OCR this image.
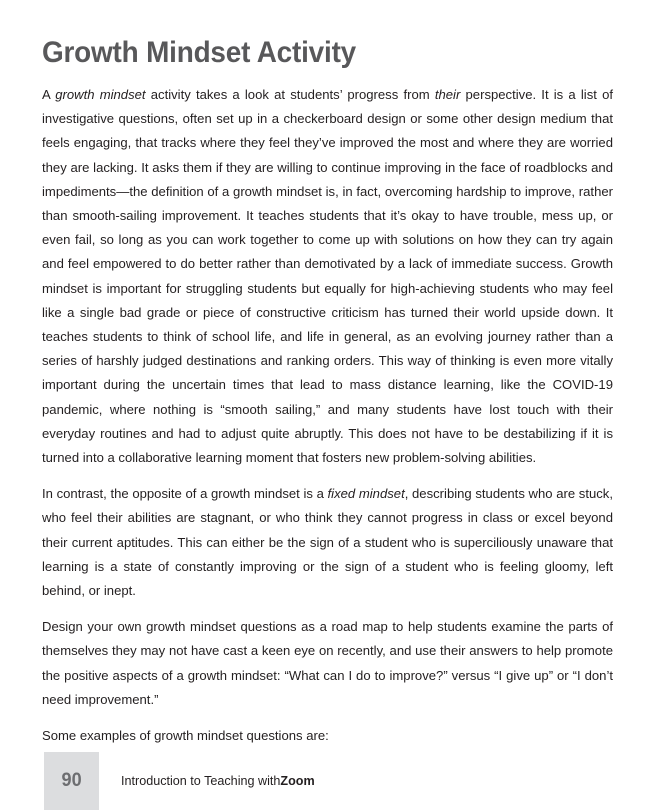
Growth Mindset Activity

A growth mindset activity takes a look at students’ progress from their perspective. It is a list of investigative questions, often set up in a checkerboard design or some other design medium that feels engaging, that tracks where they feel they’ve improved the most and where they are worried they are lacking. It asks them if they are willing to continue improving in the face of roadblocks and impediments—the definition of a growth mindset is, in fact, overcoming hardship to improve, rather than smooth-sailing improvement. It teaches students that it’s okay to have trouble, mess up, or even fail, so long as you can work together to come up with solutions on how they can try again and feel empowered to do better rather than demotivated by a lack of immediate success. Growth mindset is important for struggling students but equally for high-achieving students who may feel like a single bad grade or piece of constructive criticism has turned their world upside down. It teaches students to think of school life, and life in general, as an evolving journey rather than a series of harshly judged destinations and ranking orders. This way of thinking is even more vitally important during the uncertain times that lead to mass distance learning, like the COVID-19 pandemic, where nothing is “smooth sailing,” and many students have lost touch with their everyday routines and had to adjust quite abruptly. This does not have to be destabilizing if it is turned into a collaborative learning moment that fosters new problem-solving abilities.

In contrast, the opposite of a growth mindset is a fixed mindset, describing students who are stuck, who feel their abilities are stagnant, or who think they cannot progress in class or excel beyond their current aptitudes. This can either be the sign of a student who is superciliously unaware that learning is a state of constantly improving or the sign of a student who is feeling gloomy, left behind, or inept.

Design your own growth mindset questions as a road map to help students examine the parts of themselves they may not have cast a keen eye on recently, and use their answers to help promote the positive aspects of a growth mindset: “What can I do to improve?” versus “I give up” or “I don’t need improvement.”

Some examples of growth mindset questions are:

90	Introduction to Teaching with Zoom
